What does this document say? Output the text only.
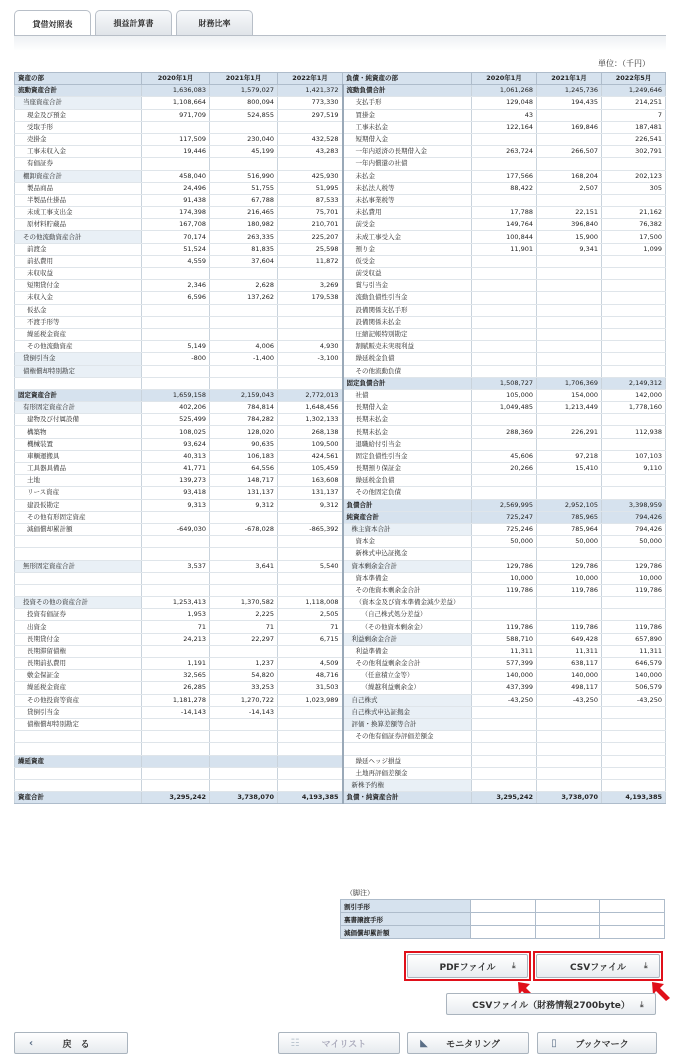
貸借対照表	損益計算書	財務比率
単位：（千円）
資産の部	2020年1月	2021年1月	2022年1月	負債・純資産の部	2020年1月	2021年1月	2022年5月
流動資産合計	1,636,083	1,579,027	1,421,372	流動負債合計	1,061,268	1,245,736	1,249,646
当座資産合計	1,108,664	800,094	773,330	支払手形	129,048	194,435	214,251
現金及び預金	971,709	524,855	297,519	買掛金	43		7
受取手形				工事未払金	122,164	169,846	187,481
売掛金	117,509	230,040	432,528	短期借入金			226,541
工事未収入金	19,446	45,199	43,283	一年内返済の長期借入金	263,724	266,507	302,791
有価証券				一年内償還の社債			
棚卸資産合計	458,040	516,990	425,930	未払金	177,566	168,204	202,123
製品商品	24,496	51,755	51,995	未払法人税等	88,422	2,507	305
半製品仕掛品	91,438	67,788	87,533	未払事業税等			
未成工事支出金	174,398	216,465	75,701	未払費用	17,788	22,151	21,162
原材料貯蔵品	167,708	180,982	210,701	前受金	149,764	396,840	76,382
その他流動資産合計	70,174	263,335	225,207	未成工事受入金	100,844	15,900	17,500
前渡金	51,524	81,835	25,598	預り金	11,901	9,341	1,099
前払費用	4,559	37,604	11,872	仮受金			
未収収益				前受収益			
短期貸付金	2,346	2,628	3,269	賞与引当金			
未収入金	6,596	137,262	179,538	流動負債性引当金			
仮払金				設備関係支払手形			
不渡手形等				設備関係未払金			
繰延税金資産				圧縮記帳特別勘定			
その他流動資産	5,149	4,006	4,930	割賦販売未実現利益			
貸倒引当金	-800	-1,400	-3,100	繰延税金負債			
債権償却特別勘定				その他流動負債			
				固定負債合計	1,508,727	1,706,369	2,149,312
固定資産合計	1,659,158	2,159,043	2,772,013	社債	105,000	154,000	142,000
有形固定資産合計	402,206	784,814	1,648,456	長期借入金	1,049,485	1,213,449	1,778,160
建物及び付属設備	525,499	784,282	1,302,133	長期未払金			
構築物	108,025	128,020	268,138	長期未払金	288,369	226,291	112,938
機械装置	93,624	90,635	109,500	退職給付引当金			
車輌運搬具	40,313	106,183	424,561	固定負債性引当金	45,606	97,218	107,103
工具器具備品	41,771	64,556	105,459	長期預り保証金	20,266	15,410	9,110
土地	139,273	148,717	163,608	繰延税金負債			
リース資産	93,418	131,137	131,137	その他固定負債			
建設仮勘定	9,313	9,312	9,312	負債合計	2,569,995	2,952,105	3,398,959
その他有形固定資産				純資産合計	725,247	785,965	794,426
減価償却累計額	-649,030	-678,028	-865,392	株主資本合計	725,246	785,964	794,426
				資本金	50,000	50,000	50,000
				新株式申込証拠金			
無形固定資産合計	3,537	3,641	5,540	資本剰余金合計	129,786	129,786	129,786
				資本準備金	10,000	10,000	10,000
				その他資本剰余金合計	119,786	119,786	119,786
投資その他の資産合計	1,253,413	1,370,582	1,118,008	（資本金及び資本準備金減少差益）			
投資有価証券	1,953	2,225	2,505	（自己株式処分差益）			
出資金	71	71	71	（その他資本剰余金）	119,786	119,786	119,786
長期貸付金	24,213	22,297	6,715	利益剰余金合計	588,710	649,428	657,890
長期滞留債権				利益準備金	11,311	11,311	11,311
長期前払費用	1,191	1,237	4,509	その他利益剰余金合計	577,399	638,117	646,579
敷金保証金	32,565	54,820	48,716	（任意積立金等）	140,000	140,000	140,000
繰延税金資産	26,285	33,253	31,503	（繰越利益剰余金）	437,399	498,117	506,579
その他投資等資産	1,181,278	1,270,722	1,023,989	自己株式	-43,250	-43,250	-43,250
貸倒引当金	-14,143	-14,143		自己株式申込証拠金			
債権償却特別勘定				評価・換算差額等合計			
				その他有価証券評価差額金			

繰延資産				繰延ヘッジ損益			
				土地再評価差額金			
				新株予約権			
資産合計	3,295,242	3,738,070	4,193,385	負債・純資産合計	3,295,242	3,738,070	4,193,385
（脚注）
割引手形			
裏書譲渡手形			
減価償却累計額			
PDFファイル ⤓	CSVファイル ⤓
CSVファイル（財務情報2700byte） ⤓
‹	戻　る	☷	マイリスト	◣	モニタリング	▯	ブックマーク
